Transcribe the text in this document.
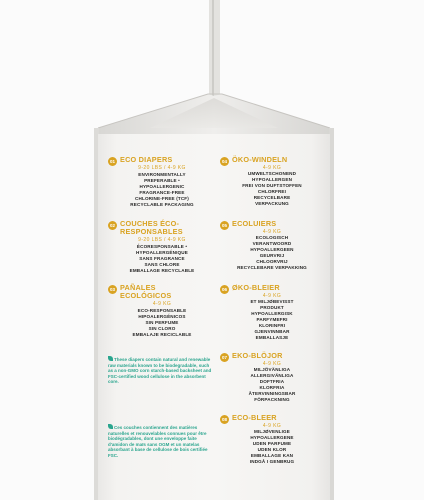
01 ECO DIAPERS
9-20 LBS / 4-9 KG
ENVIRONMENTALLY
PREFERABLE •
HYPOALLERGENIC
FRAGRANCE-FREE
CHLORINE-FREE (TCF)
RECYCLABLE PACKAGING
02 COUCHES ÉCO-
RESPONSABLES
9-20 LBS / 4-9 KG
ÉCORESPONSABLE •
HYPOALLERGÉNIQUE
SANS FRAGRANCE
SANS CHLORE
EMBALLAGE RECYCLABLE
03 PAÑALES
ECOLÓGICOS
4-9 KG
ECO-RESPONSABLE
HIPOALERGÉNICOS
SIN PERFUME
SIN CLORO
EMBALAJE RECICLABLE
These diapers contain natural and renewable raw materials known to be biodegradable, such as a non-GMO corn starch-based backsheet and FSC-certified wood cellulose in the absorbent core.
Ces couches contiennent des matières naturelles et renouvelables connues pour être biodégradables, dont une enveloppe faite d'amidon de maïs sans OGM et un matelas absorbant à base de cellulose de bois certifiée FSC.
04 ÖKO-WINDELN
4-9 KG
UMWELTSCHONEND
HYPOALLERGEN
FREI VON DUFTSTOFFEN
CHLORFREI
RECYCELBARE
VERPACKUNG
05 ECOLUIERS
4-9 KG
ECOLOGISCH
VERANTWOORD
HYPOALLERGEEN
GEURVRIJ
CHLOORVRIJ
RECYCLEBARE VERPAKKING
06 ØKO-BLEIER
4-9 KG
ET MILJØBEVISST
PRODUKT
HYPOALLERGISK
PARFYMEFRI
KLORINFRI
GJENVINNBAR
EMBALLASJE
07 EKO-BLÖJOR
4-9 KG
MILJÖVÄNLIGA
ALLERGIVÄNLIGA
DOFTFRIA
KLORFRIA
ÅTERVINNINGSBAR
FÖRPACKNING
08 ECO-BLEER
4-9 KG
MILJØVENLIGE
HYPOALLERGENE
UDEN PARFUME
UDEN KLOR
EMBALLAGE KAN
INDGÅ I GENBRUG
